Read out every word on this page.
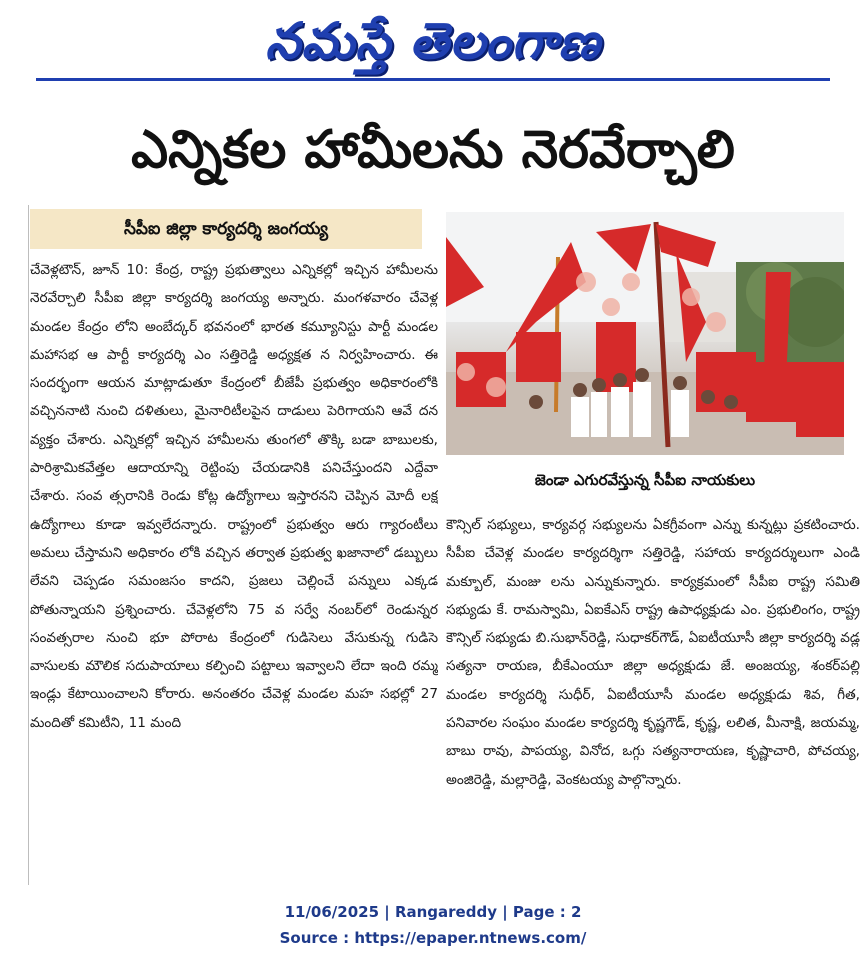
నమస్తే తెలంగాణ
ఎన్నికల హామీలను నెరవేర్చాలి
సీపీఐ జిల్లా కార్యదర్శి జంగయ్య
చేవెళ్లటౌన్, జూన్ 10: కేంద్ర, రాష్ట్ర ప్రభుత్వాలు ఎన్నికల్లో ఇచ్చిన హామీలను నెరవేర్చాలి సీపీఐ జిల్లా కార్యదర్శి జంగయ్య అన్నారు. మంగళవారం చేవెళ్ల మండల కేంద్రం లోని అంబేద్కర్ భవనంలో భారత కమ్యూనిస్టు పార్టీ మండల మహాసభ ఆ పార్టీ కార్యదర్శి ఎం సత్తిరెడ్డి అధ్యక్షత న నిర్వహించారు. ఈ సందర్భంగా ఆయన మాట్లాడుతూ కేంద్రంలో బీజేపీ ప్రభుత్వం అధికారంలోకి వచ్చిననాటి నుంచి దళితులు, మైనారిటీలపైన దాడులు పెరిగాయని ఆవే దన వ్యక్తం చేశారు. ఎన్నికల్లో ఇచ్చిన హామీలను తుంగలో తొక్కి బడా బాబులకు, పారిశ్రామికవేత్తల ఆదాయాన్ని రెట్టింపు చేయడానికి పనిచేస్తుందని ఎద్దేవా చేశారు. సంవ త్సరానికి రెండు కోట్ల ఉద్యోగాలు ఇస్తారనని చెప్పిన మోదీ లక్ష ఉద్యోగాలు కూడా ఇవ్వలేదన్నారు. రాష్ట్రంలో ప్రభుత్వం ఆరు గ్యారంటీలు అమలు చేస్తామని అధికారం లోకి వచ్చిన తర్వాత ప్రభుత్వ ఖజానాలో డబ్బులు లేవని చెప్పడం సమంజసం కాదని, ప్రజలు చెల్లించే పన్నులు ఎక్కడ పోతున్నాయని ప్రశ్నించారు. చేవెళ్లలోని 75 వ సర్వే నంబర్‌లో రెండున్నర సంవత్సరాల నుంచి భూ పోరాట కేంద్రంలో గుడిసెలు వేసుకున్న గుడిసె వాసులకు మౌలిక సదుపాయాలు కల్పించి పట్టాలు ఇవ్వాలని లేదా ఇంది రమ్మ ఇండ్లు కేటాయించాలని కోరారు. అనంతరం చేవెళ్ల మండల మహ సభల్లో 27 మందితో కమిటీని, 11 మంది
జెండా ఎగురవేస్తున్న సీపీఐ నాయకులు
కౌన్సిల్ సభ్యులు, కార్యవర్గ సభ్యులను ఏకగ్రీవంగా ఎన్ను కున్నట్లు ప్రకటించారు. సీపీఐ చేవెళ్ల మండల కార్యదర్శిగా సత్తిరెడ్డి, సహాయ కార్యదర్శులుగా ఎండి మక్బూల్, మంజు లను ఎన్నుకున్నారు. కార్యక్రమంలో సీపీఐ రాష్ట్ర సమితి సభ్యుడు కే. రామస్వామి, ఏఐకేఎస్ రాష్ట్ర ఉపాధ్యక్షుడు ఎం. ప్రభులింగం, రాష్ట్ర కౌన్సిల్ సభ్యుడు బి.సుభాన్‌రెడ్డి, సుధాకర్‌గౌడ్, ఏఐటీయూసీ జిల్లా కార్యదర్శి వడ్ల సత్యనా రాయణ, బీకేఎంయూ జిల్లా అధ్యక్షుడు జే. అంజయ్య, శంకర్‌పల్లి మండల కార్యదర్శి సుధీర్, ఏఐటీయూసీ మండల అధ్యక్షుడు శివ, గీత, పనివారల సంఘం మండల కార్యదర్శి కృష్ణగౌడ్, కృష్ణ, లలిత, మీనాక్షి, జయమ్మ, బాబు రావు, పాపయ్య, వినోద, ఒగ్గు సత్యనారాయణ, కృష్ణాచారి, పోచయ్య, అంజిరెడ్డి, మల్లారెడ్డి, వెంకటయ్య పాల్గొన్నారు.
11/06/2025 | Rangareddy | Page : 2
Source : https://epaper.ntnews.com/
